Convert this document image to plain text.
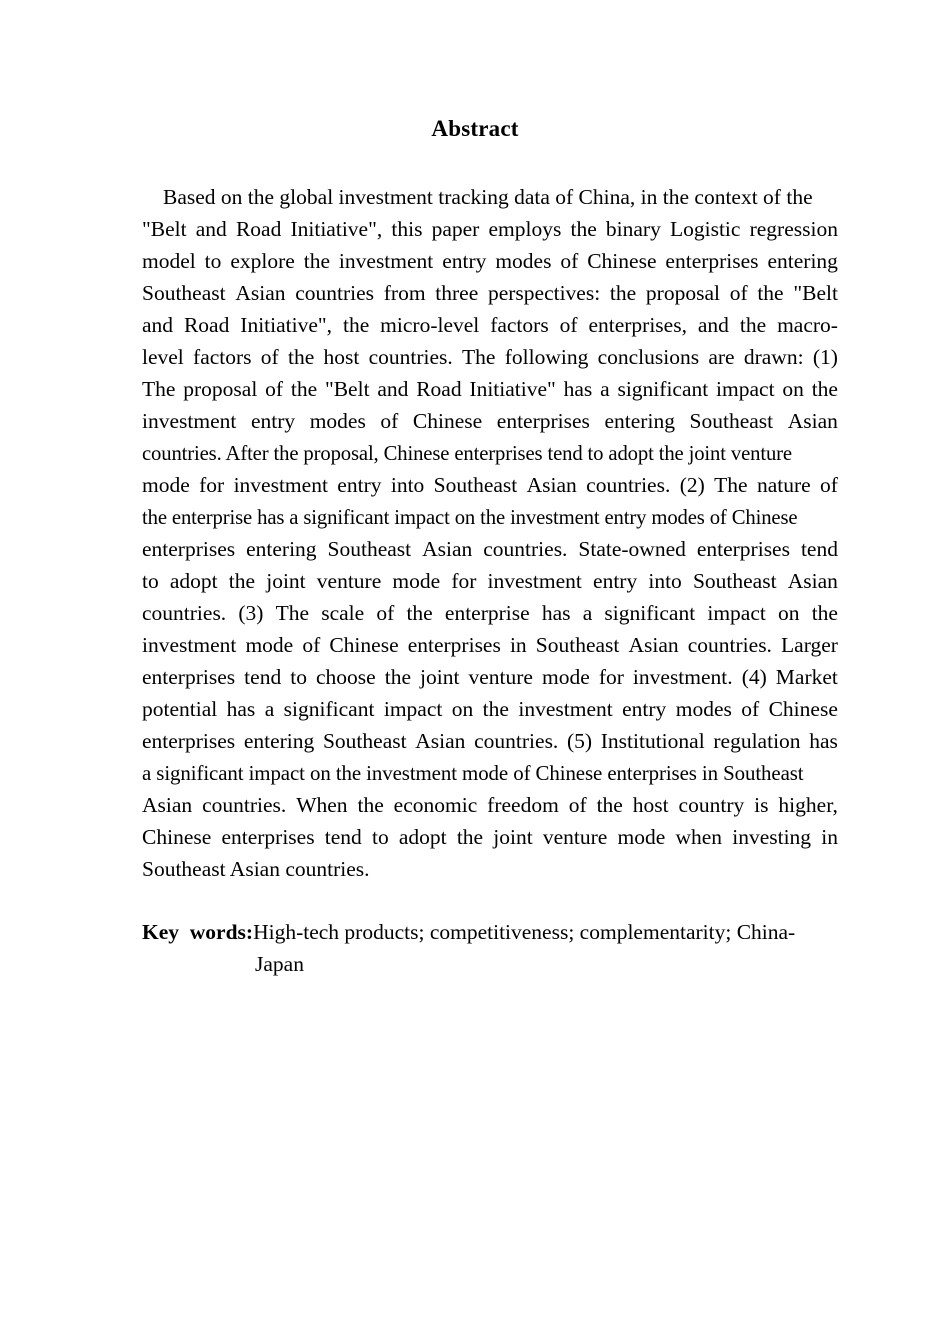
Abstract
Based on the global investment tracking data of China, in the context of the
"Belt and Road Initiative", this paper employs the binary Logistic regression
model to explore the investment entry modes of Chinese enterprises entering
Southeast Asian countries from three perspectives: the proposal of the "Belt
and Road Initiative", the micro-level factors of enterprises, and the macro-
level factors of the host countries. The following conclusions are drawn: (1)
The proposal of the "Belt and Road Initiative" has a significant impact on the
investment entry modes of Chinese enterprises entering Southeast Asian
countries. After the proposal, Chinese enterprises tend to adopt the joint venture
mode for investment entry into Southeast Asian countries. (2) The nature of
the enterprise has a significant impact on the investment entry modes of Chinese
enterprises entering Southeast Asian countries. State-owned enterprises tend
to adopt the joint venture mode for investment entry into Southeast Asian
countries. (3) The scale of the enterprise has a significant impact on the
investment mode of Chinese enterprises in Southeast Asian countries. Larger
enterprises tend to choose the joint venture mode for investment. (4) Market
potential has a significant impact on the investment entry modes of Chinese
enterprises entering Southeast Asian countries. (5) Institutional regulation has
a significant impact on the investment mode of Chinese enterprises in Southeast
Asian countries. When the economic freedom of the host country is higher,
Chinese enterprises tend to adopt the joint venture mode when investing in
Southeast Asian countries.
Key  words:High-tech products; competitiveness; complementarity; China-
Japan
